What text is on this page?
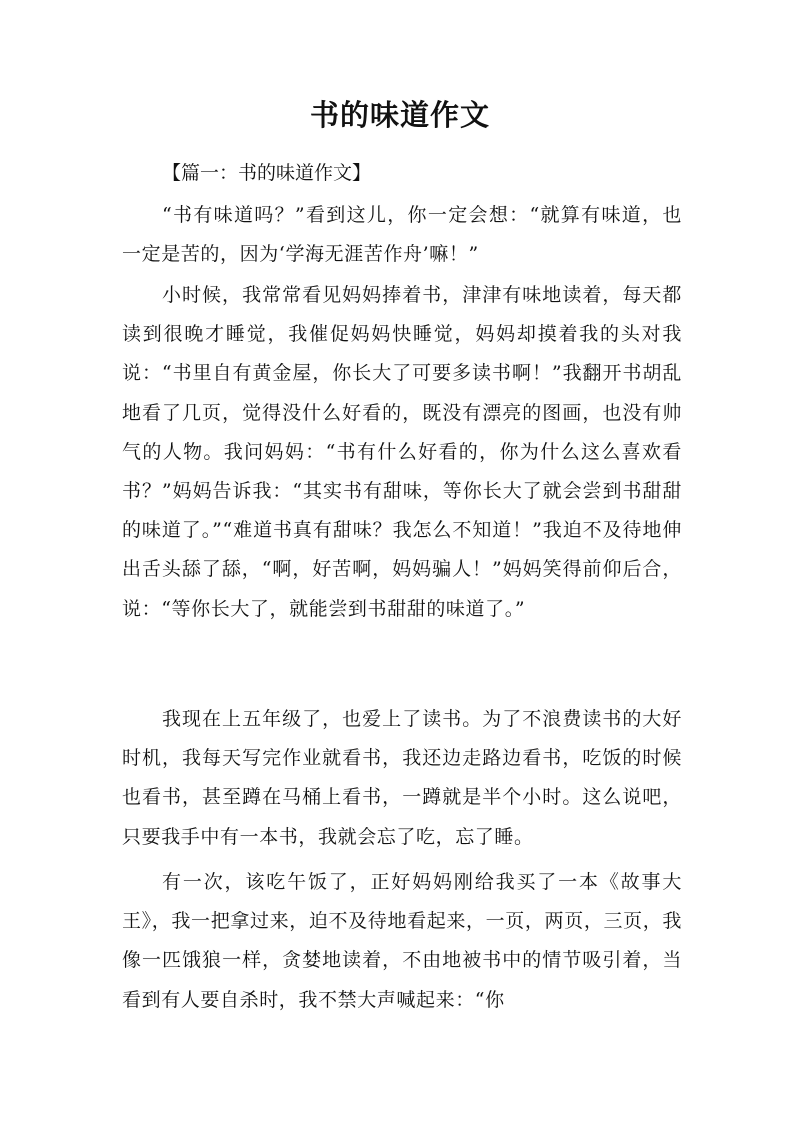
书的味道作文
【篇一：书的味道作文】

“书有味道吗？”看到这儿，你一定会想：“就算有味道，也一定是苦的，因为‘学海无涯苦作舟’嘛！”

小时候，我常常看见妈妈捧着书，津津有味地读着，每天都读到很晚才睡觉，我催促妈妈快睡觉，妈妈却摸着我的头对我说：“书里自有黄金屋，你长大了可要多读书啊！”我翻开书胡乱地看了几页，觉得没什么好看的，既没有漂亮的图画，也没有帅气的人物。我问妈妈：“书有什么好看的，你为什么这么喜欢看书？”妈妈告诉我：“其实书有甜味，等你长大了就会尝到书甜甜的味道了。”“难道书真有甜味？我怎么不知道！”我迫不及待地伸出舌头舔了舔，“啊，好苦啊，妈妈骗人！”妈妈笑得前仰后合，说：“等你长大了，就能尝到书甜甜的味道了。”

我现在上五年级了，也爱上了读书。为了不浪费读书的大好时机，我每天写完作业就看书，我还边走路边看书，吃饭的时候也看书，甚至蹲在马桶上看书，一蹲就是半个小时。这么说吧，只要我手中有一本书，我就会忘了吃，忘了睡。

有一次，该吃午饭了，正好妈妈刚给我买了一本《故事大王》，我一把拿过来，迫不及待地看起来，一页，两页，三页，我像一匹饿狼一样，贪婪地读着，不由地被书中的情节吸引着，当看到有人要自杀时，我不禁大声喊起来：“你
